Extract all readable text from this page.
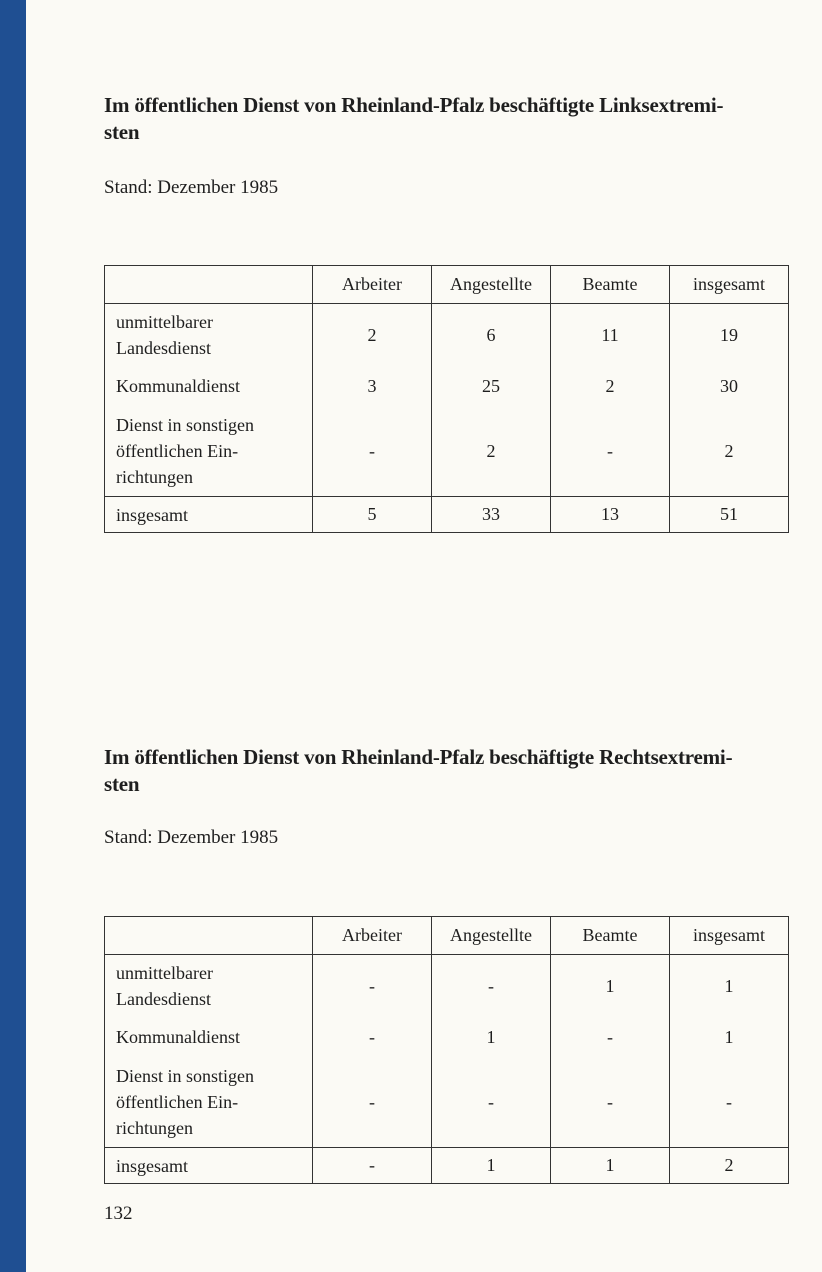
Im öffentlichen Dienst von Rheinland-Pfalz beschäftigte Linksextremi-
sten

Stand: Dezember 1985

	Arbeiter	Angestellte	Beamte	insgesamt
unmittelbarer
Landesdienst	2	6	11	19
Kommunaldienst	3	25	2	30
Dienst in sonstigen
öffentlichen Ein-
richtungen	-	2	-	2
insgesamt	5	33	13	51
Im öffentlichen Dienst von Rheinland-Pfalz beschäftigte Rechtsextremi-
sten

Stand: Dezember 1985

	Arbeiter	Angestellte	Beamte	insgesamt
unmittelbarer
Landesdienst	-	-	1	1
Kommunaldienst	-	1	-	1
Dienst in sonstigen
öffentlichen Ein-
richtungen	-	-	-	-
insgesamt	-	1	1	2
132
